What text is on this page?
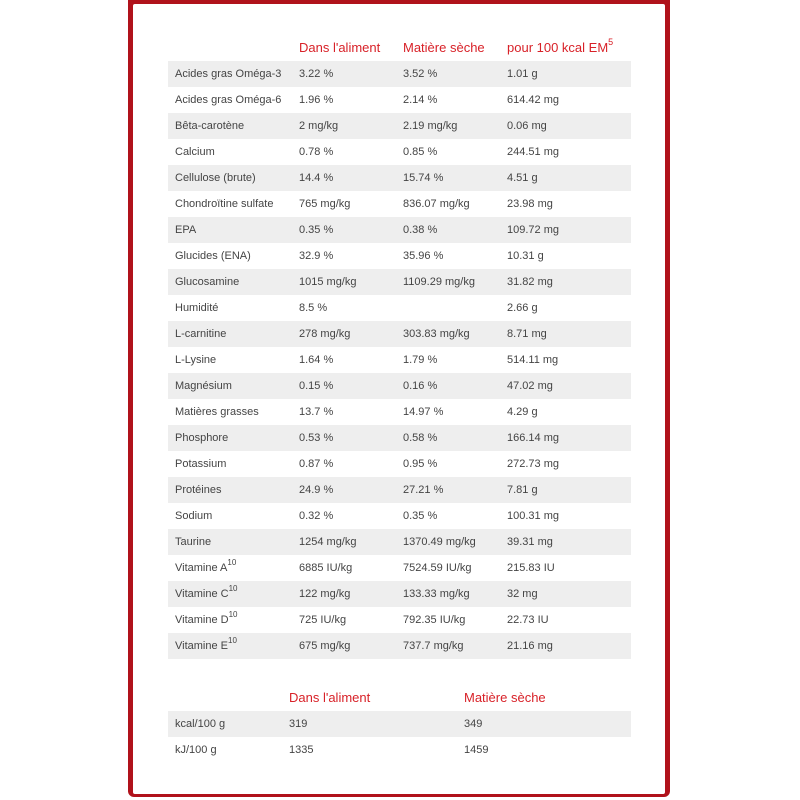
	Dans l'aliment	Matière sèche	pour 100 kcal $EM^5$
Acides gras Oméga-3	3.22 %	3.52 %	1.01 g
Acides gras Oméga-6	1.96 %	2.14 %	614.42 mg
Bêta-carotène	2 mg/kg	2.19 mg/kg	0.06 mg
Calcium	0.78 %	0.85 %	244.51 mg
Cellulose (brute)	14.4 %	15.74 %	4.51 g
Chondroïtine sulfate	765 mg/kg	836.07 mg/kg	23.98 mg
EPA	0.35 %	0.38 %	109.72 mg
Glucides (ENA)	32.9 %	35.96 %	10.31 g
Glucosamine	1015 mg/kg	1109.29 mg/kg	31.82 mg
Humidité	8.5 %		2.66 g
L-carnitine	278 mg/kg	303.83 mg/kg	8.71 mg
L-Lysine	1.64 %	1.79 %	514.11 mg
Magnésium	0.15 %	0.16 %	47.02 mg
Matières grasses	13.7 %	14.97 %	4.29 g
Phosphore	0.53 %	0.58 %	166.14 mg
Potassium	0.87 %	0.95 %	272.73 mg
Protéines	24.9 %	27.21 %	7.81 g
Sodium	0.32 %	0.35 %	100.31 mg
Taurine	1254 mg/kg	1370.49 mg/kg	39.31 mg
Vitamine $A^{10}$	6885 IU/kg	7524.59 IU/kg	215.83 IU
Vitamine $C^{10}$	122 mg/kg	133.33 mg/kg	32 mg
Vitamine $D^{10}$	725 IU/kg	792.35 IU/kg	22.73 IU
Vitamine $E^{10}$	675 mg/kg	737.7 mg/kg	21.16 mg
	Dans l'aliment	Matière sèche
kcal/100 g	319	349
kJ/100 g	1335	1459
